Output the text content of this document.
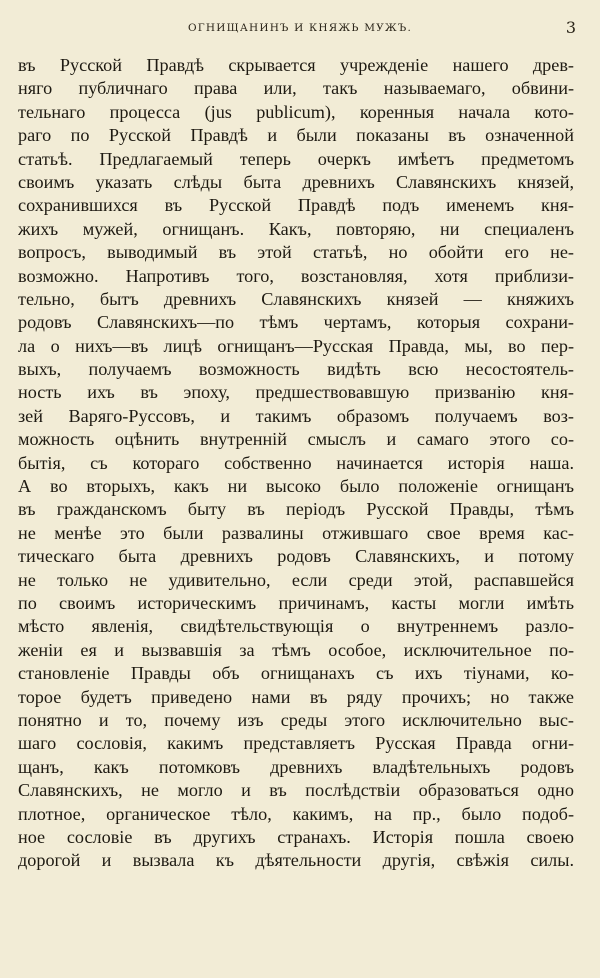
ОГНИЩАНИНЪ И КНЯЖЬ МУЖЪ.	3
въ Русской Правдѣ скрывается учрежденіе нашего древ-
няго публичнаго права или, такъ называемаго, обвини-
тельнаго процесса (jus publicum), коренныя начала кото-
раго по Русской Правдѣ и были показаны въ означенной
статьѣ. Предлагаемый теперь очеркъ имѣетъ предметомъ
своимъ указать слѣды быта древнихъ Славянскихъ князей,
сохранившихся въ Русской Правдѣ подъ именемъ кня-
жихъ мужей, огнищанъ. Какъ, повторяю, ни специаленъ
вопросъ, выводимый въ этой статьѣ, но обойти его не-
возможно. Напротивъ того, возстановляя, хотя приблизи-
тельно, бытъ древнихъ Славянскихъ князей — княжихъ
родовъ Славянскихъ—по тѣмъ чертамъ, которыя сохрани-
ла о нихъ—въ лицѣ огнищанъ—Русская Правда, мы, во пер-
выхъ, получаемъ возможность видѣть всю несостоятель-
ность ихъ въ эпоху, предшествовавшую призванію кня-
зей Варяго-Руссовъ, и такимъ образомъ получаемъ воз-
можность оцѣнить внутренній смыслъ и самаго этого со-
бытія, съ котораго собственно начинается исторія наша.
А во вторыхъ, какъ ни высоко было положеніе огнищанъ
въ гражданскомъ быту въ періодъ Русской Правды, тѣмъ
не менѣе это были развалины отжившаго свое время кас-
тическаго быта древнихъ родовъ Славянскихъ, и потому
не только не удивительно, если среди этой, распавшейся
по своимъ историческимъ причинамъ, касты могли имѣть
мѣсто явленія, свидѣтельствующія о внутреннемъ разло-
женіи ея и вызвавшія за тѣмъ особое, исключительное по-
становленіе Правды объ огнищанахъ съ ихъ тіунами, ко-
торое будетъ приведено нами въ ряду прочихъ; но также
понятно и то, почему изъ среды этого исключительно выс-
шаго сословія, какимъ представляетъ Русская Правда огни-
щанъ, какъ потомковъ древнихъ владѣтельныхъ родовъ
Славянскихъ, не могло и въ послѣдствіи образоваться одно
плотное, органическое тѣло, какимъ, на пр., было подоб-
ное сословіе въ другихъ странахъ. Исторія пошла своею
дорогой и вызвала къ дѣятельности другія, свѣжія силы.
